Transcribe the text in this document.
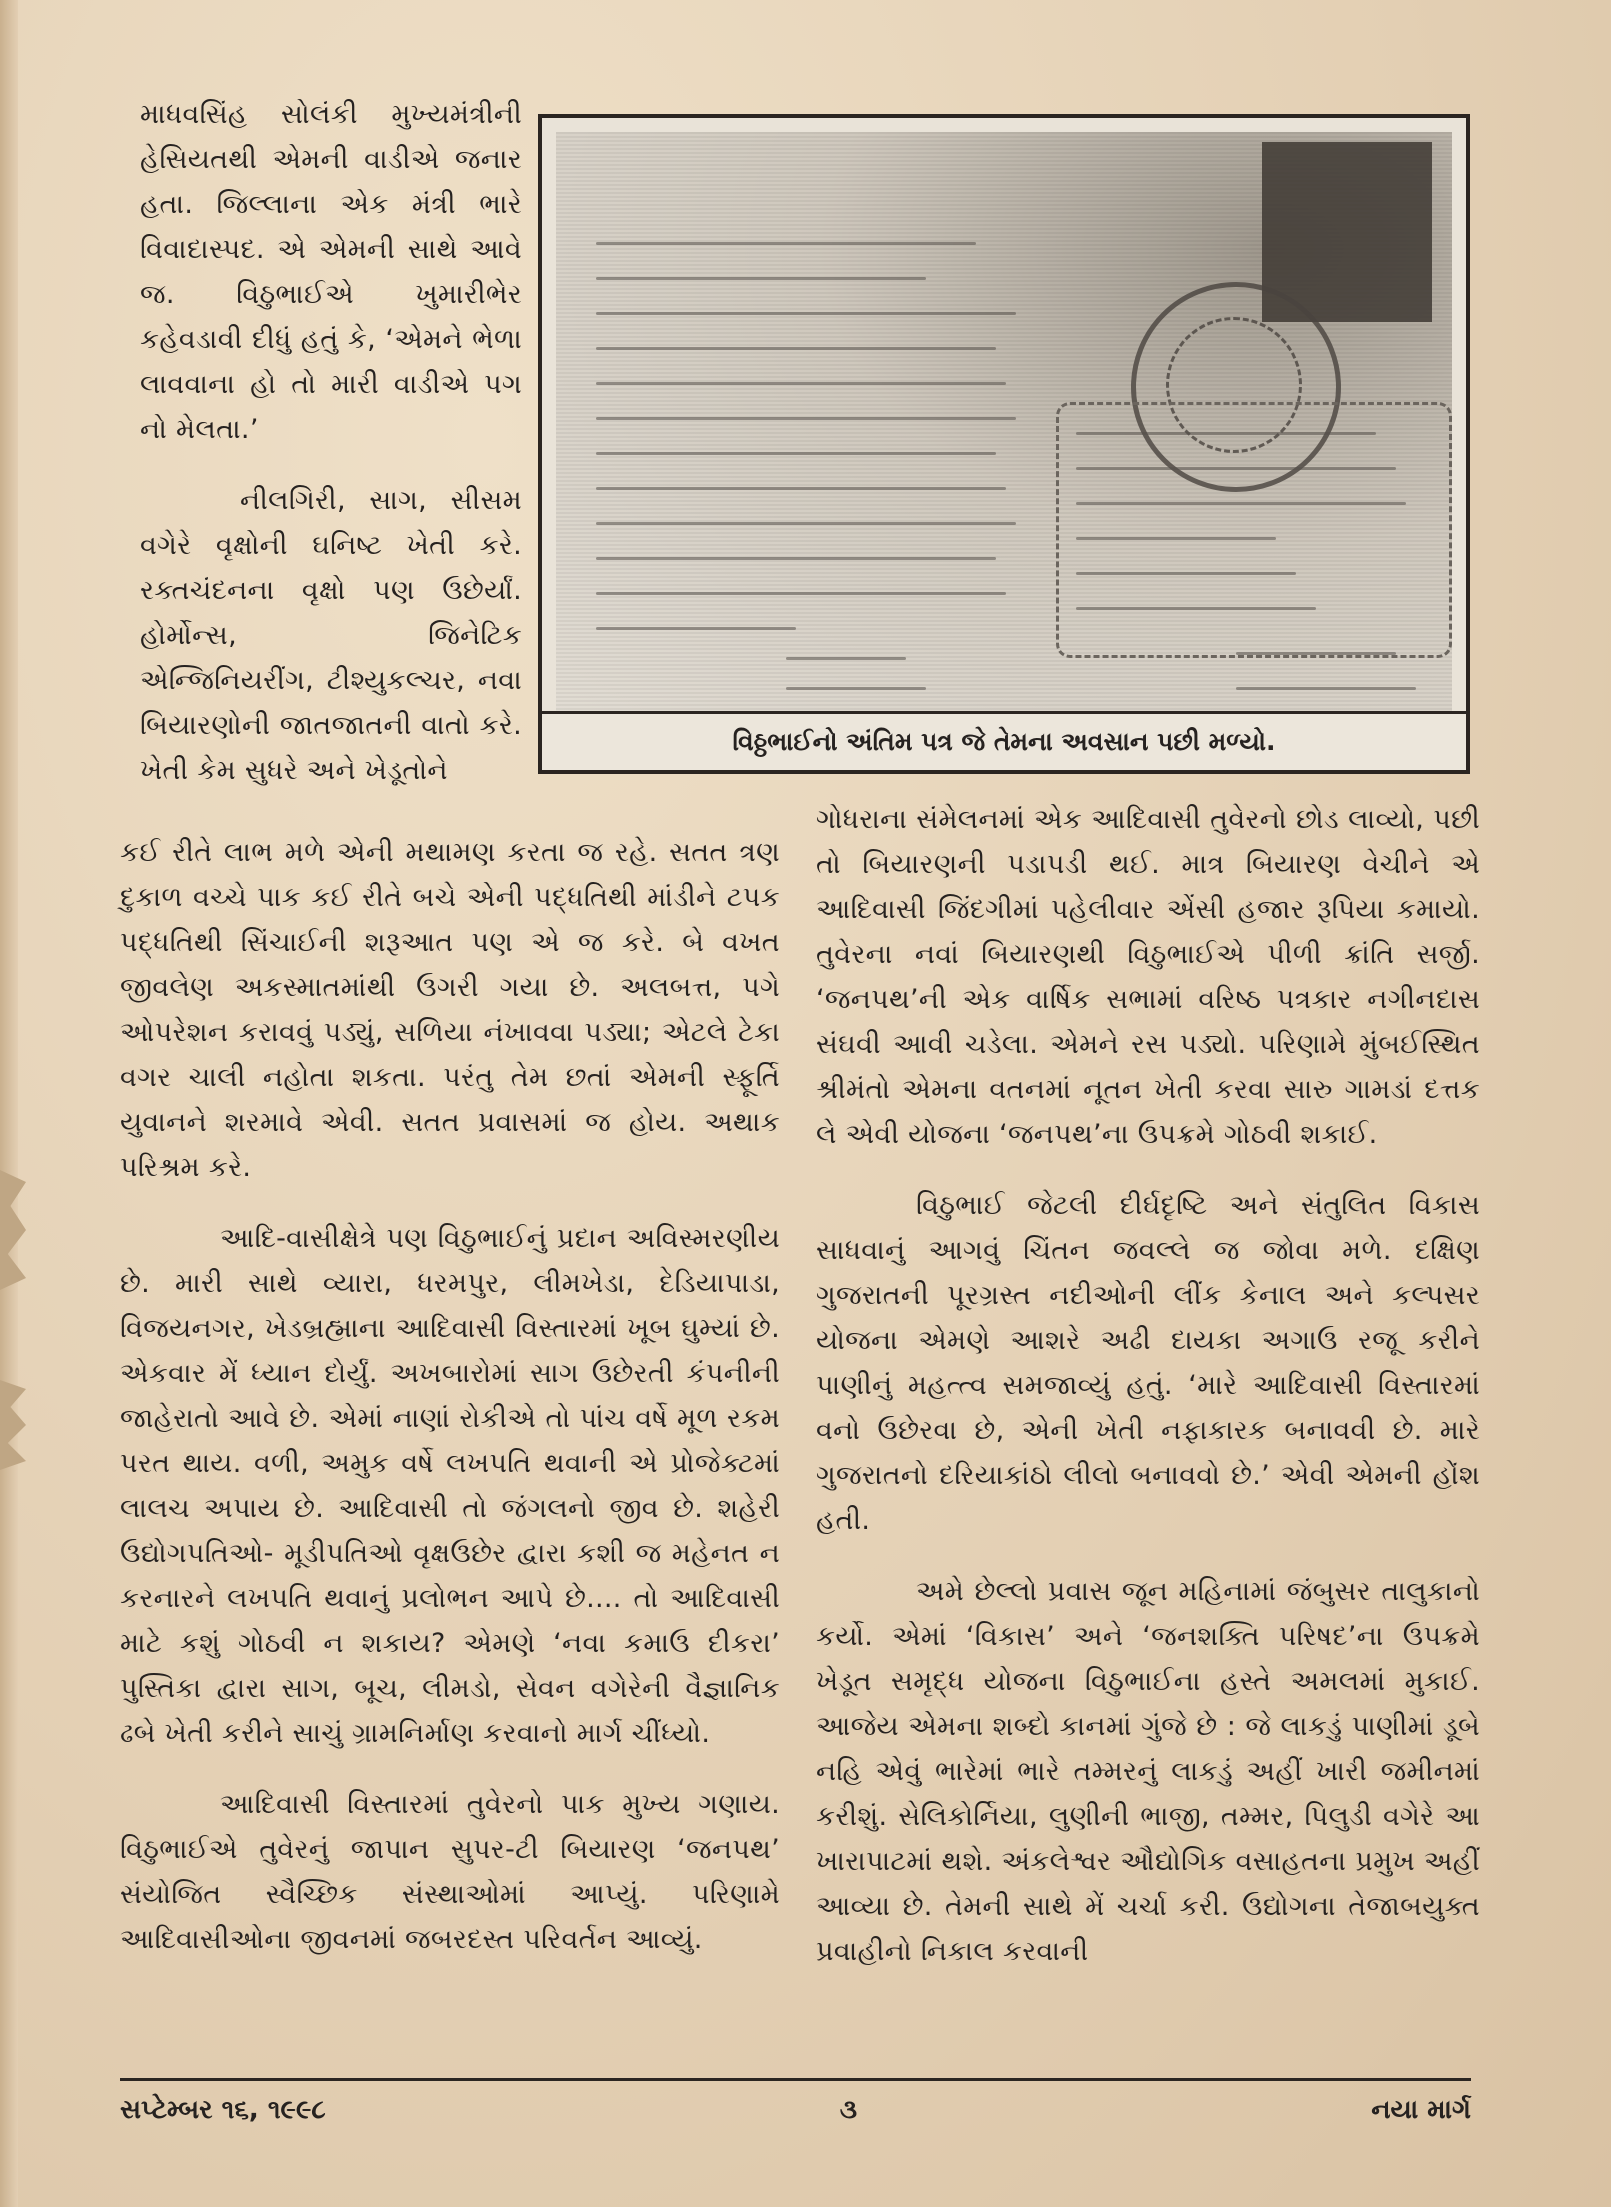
માધવસિંહ સોલંકી મુખ્યમંત્રીની હેસિયતથી એમની વાડીએ જનાર હતા. જિલ્લાના એક મંત્રી ભારે વિવાદાસ્પદ. એ એમની સાથે આવે જ. વિઠુભાઈએ ખુમારીભેર કહેવડાવી દીધું હતું કે, ‘એમને ભેળા લાવવાના હો તો મારી વાડીએ પગ નો મેલતા.’

નીલગિરી, સાગ, સીસમ વગેરે વૃક્ષોની ઘનિષ્ટ ખેતી કરે. રક્તચંદનના વૃક્ષો પણ ઉછેર્યાં. હોર્મોન્સ, જિનેટિક એન્જિનિયરીંગ, ટીશ્યુકલ્ચર, નવા બિયારણોની જાતજાતની વાતો કરે. ખેતી કેમ સુધરે અને ખેડૂતોને

વિઠ્ઠભાઈનો અંતિમ પત્ર જે તેમના અવસાન પછી મળ્યો.

કઈ રીતે લાભ મળે એની મથામણ કરતા જ રહે. સતત ત્રણ દુકાળ વચ્ચે પાક કઈ રીતે બચે એની પદ્ધતિથી માંડીને ટપક પદ્ધતિથી સિંચાઈની શરૂઆત પણ એ જ કરે. બે વખત જીવલેણ અકસ્માતમાંથી ઉગરી ગયા છે. અલબત્ત, પગે ઓપરેશન કરાવવું પડ્યું, સળિયા નંખાવવા પડ્યા; એટલે ટેકા વગર ચાલી નહોતા શકતા. પરંતુ તેમ છતાં એમની સ્ફૂર્તિ યુવાનને શરમાવે એવી. સતત પ્રવાસમાં જ હોય. અથાક પરિશ્રમ કરે.

આદિ-વાસીક્ષેત્રે પણ વિઠુભાઈનું પ્રદાન અવિસ્મરણીય છે. મારી સાથે વ્યારા, ધરમપુર, લીમખેડા, દેડિયાપાડા, વિજયનગર, ખેડબ્રહ્માના આદિવાસી વિસ્તારમાં ખૂબ ઘુમ્યાં છે. એકવાર મેં ધ્યાન દોર્યું. અખબારોમાં સાગ ઉછેરતી કંપનીની જાહેરાતો આવે છે. એમાં નાણાં રોકીએ તો પાંચ વર્ષે મૂળ રકમ પરત થાય. વળી, અમુક વર્ષે લખપતિ થવાની એ પ્રોજેક્ટમાં લાલચ અપાય છે. આદિવાસી તો જંગલનો જીવ છે. શહેરી ઉદ્યોગપતિઓ- મૂડીપતિઓ વૃક્ષઉછેર દ્વારા કશી જ મહેનત ન કરનારને લખપતિ થવાનું પ્રલોભન આપે છે.... તો આદિવાસી માટે કશું ગોઠવી ન શકાય? એમણે ‘નવા કમાઉ દીકરા’ પુસ્તિકા દ્વારા સાગ, બૂચ, લીમડો, સેવન વગેરેની વૈજ્ઞાનિક ઢબે ખેતી કરીને સાચું ગ્રામનિર્માણ કરવાનો માર્ગ ચીંધ્યો.

આદિવાસી વિસ્તારમાં તુવેરનો પાક મુખ્ય ગણાય. વિઠુભાઈએ તુવેરનું જાપાન સુપર-ટી બિયારણ ‘જનપથ’ સંયોજિત સ્વૈચ્છિક સંસ્થાઓમાં આપ્યું. પરિણામે આદિવાસીઓના જીવનમાં જબરદસ્ત પરિવર્તન આવ્યું.

ગોધરાના સંમેલનમાં એક આદિવાસી તુવેરનો છોડ લાવ્યો, પછી તો બિયારણની પડાપડી થઈ. માત્ર બિયારણ વેચીને એ આદિવાસી જિંદગીમાં પહેલીવાર એંસી હજાર રૂપિયા કમાયો. તુવેરના નવાં બિયારણથી વિઠુભાઈએ પીળી ક્રાંતિ સર્જી. ‘જનપથ’ની એક વાર્ષિક સભામાં વરિષ્ઠ પત્રકાર નગીનદાસ સંઘવી આવી ચડેલા. એમને રસ પડ્યો. પરિણામે મુંબઈસ્થિત શ્રીમંતો એમના વતનમાં નૂતન ખેતી કરવા સારુ ગામડાં દત્તક લે એવી યોજના ‘જનપથ’ના ઉપક્રમે ગોઠવી શકાઈ.

વિઠુભાઈ જેટલી દીર્ઘદૃષ્ટિ અને સંતુલિત વિકાસ સાધવાનું આગવું ચિંતન જવલ્લે જ જોવા મળે. દક્ષિણ ગુજરાતની પૂરગ્રસ્ત નદીઓની લીંક કેનાલ અને કલ્પસર યોજના એમણે આશરે અઢી દાયકા અગાઉ રજૂ કરીને પાણીનું મહત્ત્વ સમજાવ્યું હતું. ‘મારે આદિવાસી વિસ્તારમાં વનો ઉછેરવા છે, એની ખેતી નફાકારક બનાવવી છે. મારે ગુજરાતનો દરિયાકાંઠો લીલો બનાવવો છે.’ એવી એમની હોંશ હતી.

અમે છેલ્લો પ્રવાસ જૂન મહિનામાં જંબુસર તાલુકાનો કર્યો. એમાં ‘વિકાસ’ અને ‘જનશક્તિ પરિષદ’ના ઉપક્રમે ખેડૂત સમૃદ્ધ યોજના વિઠુભાઈના હસ્તે અમલમાં મુકાઈ. આજેય એમના શબ્દો કાનમાં ગુંજે છે : જે લાકડું પાણીમાં ડૂબે નહિ એવું ભારેમાં ભારે તમ્મરનું લાકડું અહીં ખારી જમીનમાં કરીશું. સેલિકોર્નિયા, લુણીની ભાજી, તમ્મર, પિલુડી વગેરે આ ખારાપાટમાં થશે. અંકલેશ્વર ઔદ્યોગિક વસાહતના પ્રમુખ અહીં આવ્યા છે. તેમની સાથે મેં ચર્ચા કરી. ઉદ્યોગના તેજાબયુક્ત પ્રવાહીનો નિકાલ કરવાની

સપ્ટેમ્બર ૧૬, ૧૯૯૮	૩	નયા માર્ગ
